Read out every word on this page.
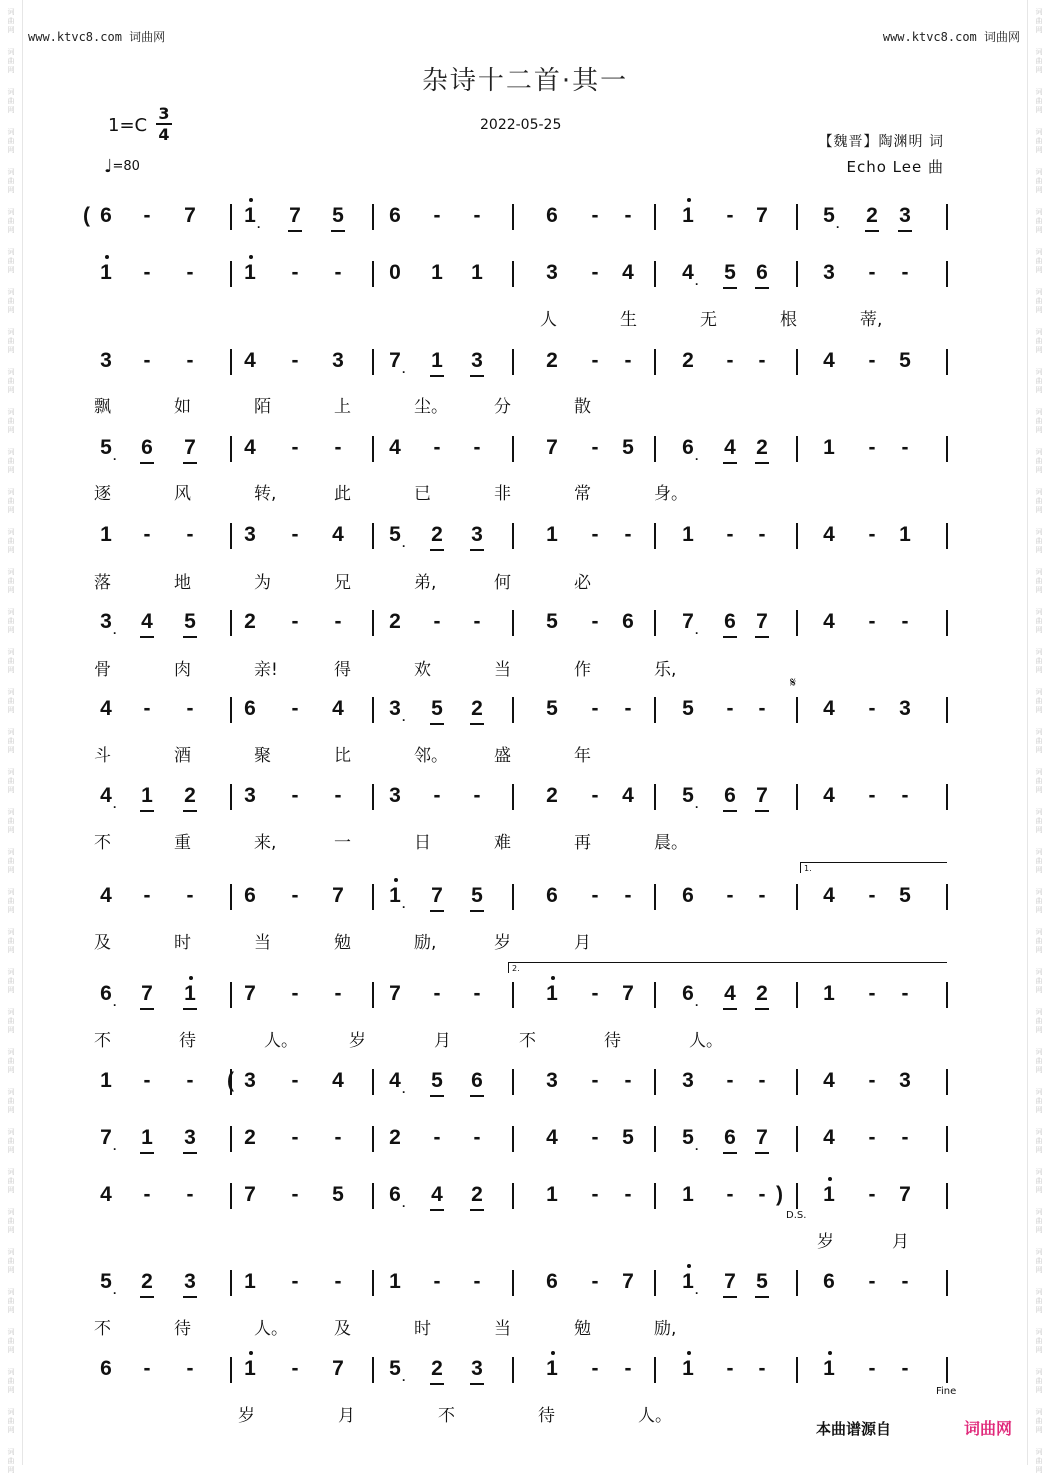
词
曲
网
词
曲
网
词
曲
网
词
曲
网
词
曲
网
词
曲
网
词
曲
网
词
曲
网
词
曲
网
词
曲
网
词
曲
网
词
曲
网
词
曲
网
词
曲
网
词
曲
网
词
曲
网
词
曲
网
词
曲
网
词
曲
网
词
曲
网
词
曲
网
词
曲
网
词
曲
网
词
曲
网
词
曲
网
词
曲
网
词
曲
网
词
曲
网
词
曲
网
词
曲
网
词
曲
网
词
曲
网
词
曲
网
词
曲
网
词
曲
网
词
曲
网
词
曲
网
词
曲
网
词
曲
网
词
曲
网
词
曲
网
词
曲
网
词
曲
网
词
曲
网
词
曲
网
词
曲
网
词
曲
网
词
曲
网
词
曲
网
词
曲
网
词
曲
网
词
曲
网
词
曲
网
词
曲
网
词
曲
网
词
曲
网
词
曲
网
词
曲
网
词
曲
网
词
曲
网
词
曲
网
词
曲
网
词
曲
网
词
曲
网
词
曲
网
词
曲
网
词
曲
网
词
曲
网
词
曲
网
词
曲
网
词
曲
网
词
曲
网
词
曲
网
词
曲
网
www.ktvc8.com 词曲网	www.ktvc8.com 词曲网
杂诗十二首·其一
1=C
3
4
♩=80
2022-05-25
【魏晋】陶渊明 词
Echo Lee 曲
( 6	-	7	1 ·	7	5	6	-	-	6	-	-	1	-	7	5 ·	2	3
1	-	-	1	-	-	0	1	1	3	-	4	4 ·	5 6	3	-	-
人	生	无	根	蒂,
3	-	-	4	-	3	7 ·	1	3	2	-	-	2	-	-	4	-	5
飘	如	陌	上	尘。	分	散
5 ·	6	7	4	-	-	4	-	-	7	-	5	6 ·	4 2	1	-	-
逐	风	转,	此	已	非	常	身。
1	-	-	3	-	4	5 ·	2	3	1	-	-	1	-	-	4	-	1
落	地	为	兄	弟,	何	必
3 ·	4	5	2	-	-	2	-	-	5	-	6	7 ·	6 7	4	-	-
骨	肉	亲!	得	欢	当	作	乐,
4	-	-	6	-	4	3 ·	5	2	5	-	-	5	-	-	4	-	3
斗	酒	聚	比	邻。	盛	年
4 ·	1	2	3	-	-	3	-	-	2	-	4	5 ·	6 7	4	-	-
不	重	来,	一	日	难	再	晨。
4	-	-	6	-	7	1 ·	7	5	6	-	-	6	-	-	4	-	5
及	时	当	勉	励,	岁	月
6 ·	7	1	7	-	-	7	-	-	1	-	7	6 ·	4 2	1	-	-
不	待	人。	岁	月	不	待	人。
1	-	-	( 3	-	4	4 ·	5	6	3	-	-	3	-	-	4	-	3
7 ·	1	3	2	-	-	2	-	-	4	-	5	5 ·	6 7	4	-	-
4	-	-	7	-	5	6 ·	4	2	1	-	-	1	-	)
-	1	-	7
岁	月
5 ·	2	3	1	-	-	1	-	-	6	-	7	1 ·	7 5	6	-	-
不	待	人。	及	时	当	勉	励,
6	-	-	1	-	7	5 ·	2	3	1	-	-	1	-	-	1	-	-
岁	月	不	待	人。
𝄋
D.S.
Fine
1.
2.
本曲谱源自	词曲网
